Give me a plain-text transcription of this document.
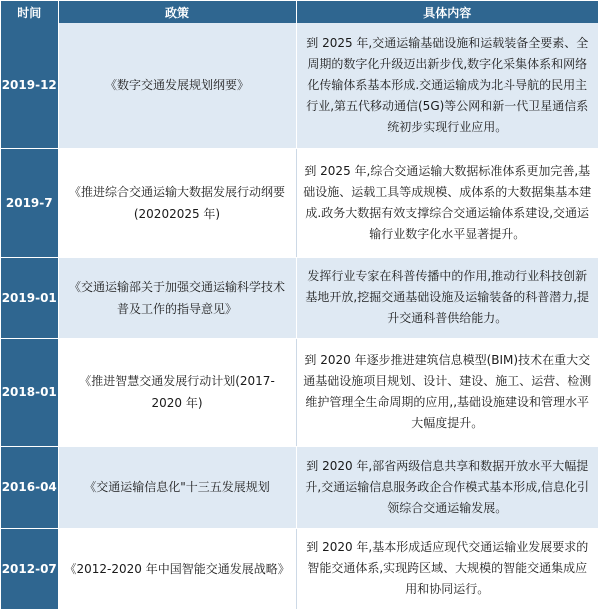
时间	政策	具体内容
2019-12	《数字交通发展规划纲要》	到 2025 年,交通运输基础设施和运载装备全要素、全周期的数字化升级迈出新步伐,数字化采集体系和网络化传输体系基本形成.交通运输成为北斗导航的民用主行业,第五代移动通信(5G)等公网和新一代卫星通信系统初步实现行业应用。
2019-7	《推进综合交通运输大数据发展行动纲要(20202025 年)	到 2025 年,综合交通运输大数据标准体系更加完善,基础设施、运载工具等成规模、成体系的大数据集基本建成.政务大数据有效支撑综合交通运输体系建设,交通运输行业数字化水平显著提升。
2019-01	《交通运输部关于加强交通运输科学技术普及工作的指导意见》	发挥行业专家在科普传播中的作用,推动行业科技创新基地开放,挖掘交通基础设施及运输装备的科普潜力,提升交通科普供给能力。
2018-01	《推进智慧交通发展行动计划(2017-2020 年)	到 2020 年逐步推进建筑信息模型(BIM)技术在重大交通基础设施项目规划、设计、建设、施工、运营、检测维护管理全生命周期的应用,,基础设施建设和管理水平大幅度提升。
2016-04	《交通运输信息化"十三五发展规划	到 2020 年,部省两级信息共享和数据开放水平大幅提升,交通运输信息服务政企合作模式基本形成,信息化引领综合交通运输发展。
2012-07	《2012-2020 年中国智能交通发展战略》	到 2020 年,基本形成适应现代交通运输业发展要求的智能交通体系,实现跨区域、大规模的智能交通集成应用和协同运行。
